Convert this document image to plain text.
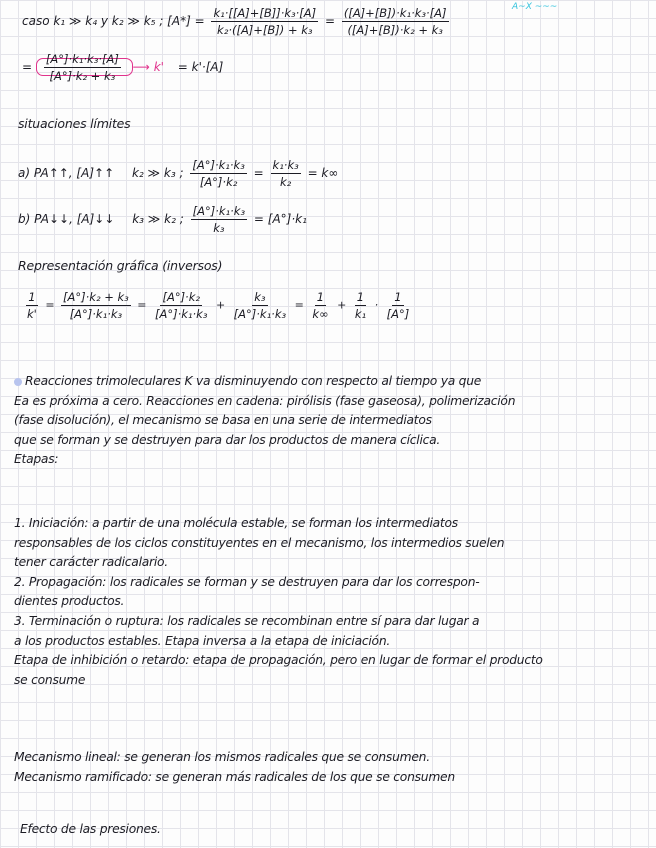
A~X ~~~
caso k₁ ≫ k₄ y k₂ ≫ k₅ ; $[A*] = \frac{\text{k₁·[[A]+[B]]·k₃·[A]}}{\text{k₂·([A]+[B]) + k₃}} = \frac{\text{([A]+[B])·k₁·k₃·[A]}}{\text{([A]+[B])·k₂ + k₃}}$
= $\frac{\text{[A°]·k₁·k₃·[A]}}{\text{[A°]·k₂ + k₃}}$ ⟶ k' = k'·[A]
situaciones límites
a) PA↑↑, [A]↑↑ k₂ ≫ k₃ ; $\frac{\text{[A°]·k₁·k₃}}{\text{[A°]·k₂}} = \frac{\text{k₁·k₃}}{\text{k₂}} = k\infty$
b) PA↓↓, [A]↓↓ k₃ ≫ k₂ ; $\frac{\text{[A°]·k₁·k₃}}{\text{k₃}} = [A^\circ]\cdot k_1$
Representación gráfica (inversos)
$\frac{1}{k'} = \frac{\text{[A°]·k₂ + k₃}}{\text{[A°]·k₁·k₃}} = \frac{\text{[A°]·k₂}}{\text{[A°]·k₁·k₃}} + \frac{\text{k₃}}{\text{[A°]·k₁·k₃}} = \frac{1}{k\infty} + \frac{1}{\text{k₁}} \cdot \frac{1}{[A^\circ]}$
Reacciones trimoleculares K va disminuyendo con respecto al tiempo ya que
Ea es próxima a cero. Reacciones en cadena: pirólisis (fase gaseosa), polimerización
(fase disolución), el mecanismo se basa en una serie de intermediatos
que se forman y se destruyen para dar los productos de manera cíclica.
Etapas:
1. Iniciación: a partir de una molécula estable, se forman los intermediatos
responsables de los ciclos constituyentes en el mecanismo, los intermedios suelen
tener carácter radicalario.
2. Propagación: los radicales se forman y se destruyen para dar los correspon-
dientes productos.
3. Terminación o ruptura: los radicales se recombinan entre sí para dar lugar a
a los productos estables. Etapa inversa a la etapa de iniciación.
Etapa de inhibición o retardo: etapa de propagación, pero en lugar de formar el producto
se consume
Mecanismo lineal: se generan los mismos radicales que se consumen.
Mecanismo ramificado: se generan más radicales de los que se consumen
Efecto de las presiones.
